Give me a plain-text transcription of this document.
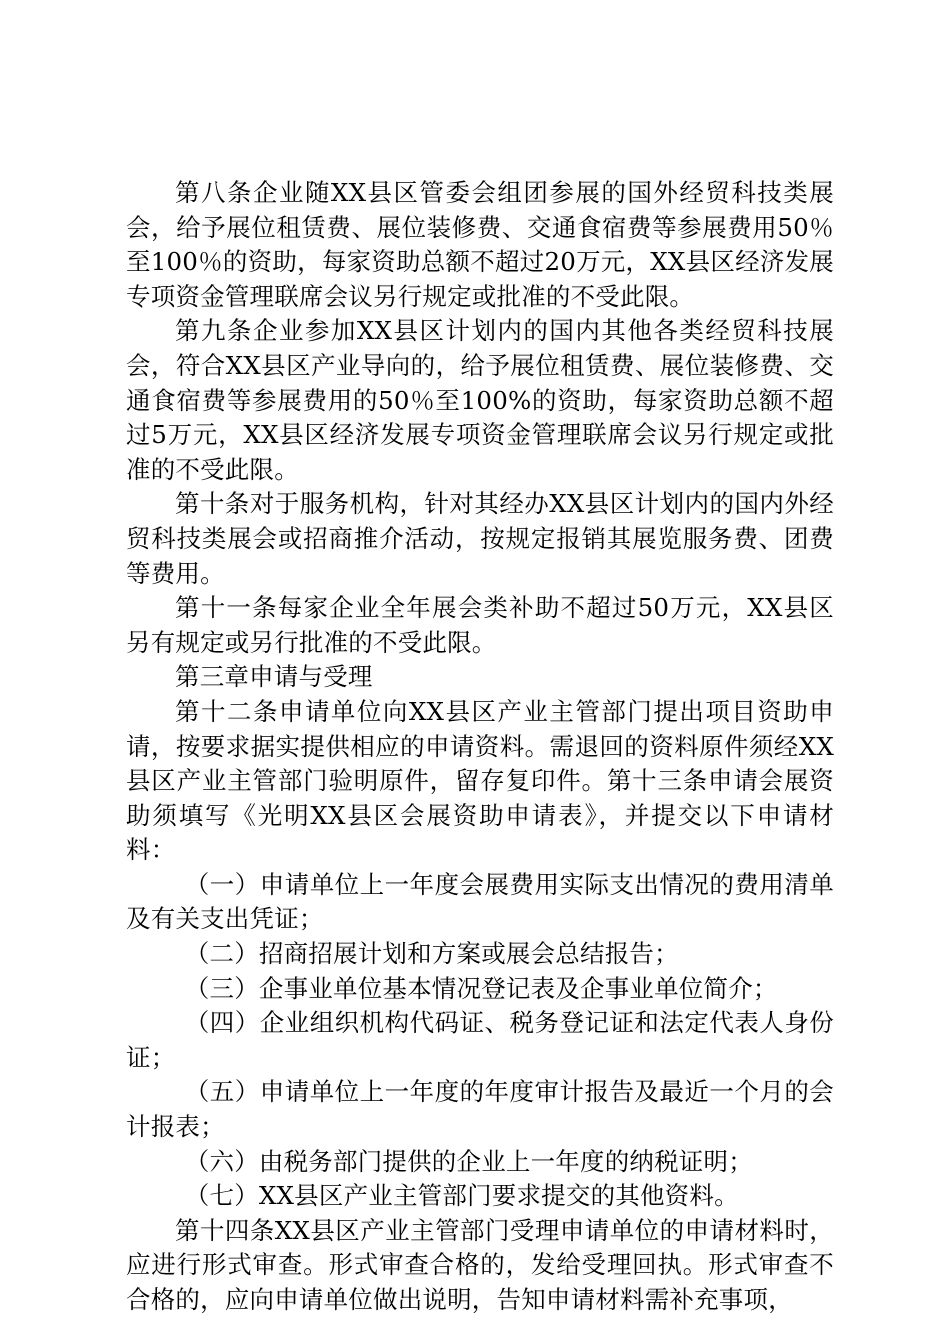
第八条企业随XX县区管委会组团参展的国外经贸科技类展会，给予展位租赁费、展位装修费、交通食宿费等参展费用50％至100％的资助，每家资助总额不超过20万元，XX县区经济发展专项资金管理联席会议另行规定或批准的不受此限。

第九条企业参加XX县区计划内的国内其他各类经贸科技展会，符合XX县区产业导向的，给予展位租赁费、展位装修费、交通食宿费等参展费用的50％至100%的资助，每家资助总额不超过5万元，XX县区经济发展专项资金管理联席会议另行规定或批准的不受此限。

第十条对于服务机构，针对其经办XX县区计划内的国内外经贸科技类展会或招商推介活动，按规定报销其展览服务费、团费等费用。

第十一条每家企业全年展会类补助不超过50万元，XX县区另有规定或另行批准的不受此限。

第三章申请与受理

第十二条申请单位向XX县区产业主管部门提出项目资助申请，按要求据实提供相应的申请资料。需退回的资料原件须经XX县区产业主管部门验明原件，留存复印件。第十三条申请会展资助须填写《光明XX县区会展资助申请表》，并提交以下申请材料：

（一）申请单位上一年度会展费用实际支出情况的费用清单及有关支出凭证；

（二）招商招展计划和方案或展会总结报告；

（三）企事业单位基本情况登记表及企事业单位简介；

（四）企业组织机构代码证、税务登记证和法定代表人身份证；

（五）申请单位上一年度的年度审计报告及最近一个月的会计报表；

（六）由税务部门提供的企业上一年度的纳税证明；

（七）XX县区产业主管部门要求提交的其他资料。

第十四条XX县区产业主管部门受理申请单位的申请材料时，应进行形式审查。形式审查合格的，发给受理回执。形式审查不合格的，应向申请单位做出说明，告知申请材料需补充事项，
